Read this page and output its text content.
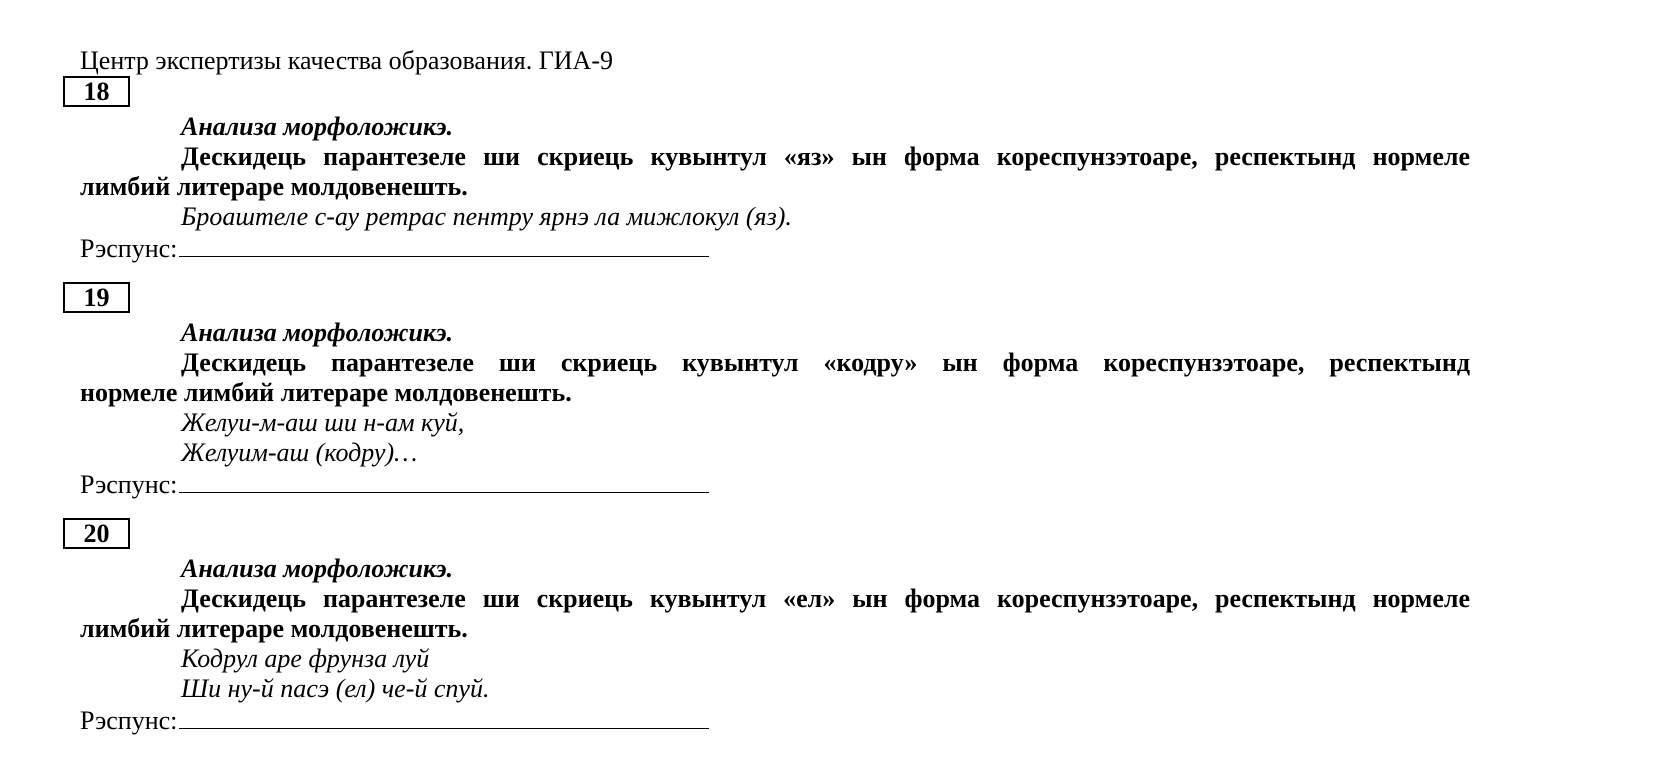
Центр экспертизы качества образования. ГИА-9
18
Анализа морфоложикэ.
Дескидець парантезеле ши скриець кувынтул «яз» ын форма кореспунзэтоаре, респектынд нормеле
лимбий литераре молдовенешть.
Броаштеле с-ау ретрас пентру ярнэ ла мижлокул (яз).
Рэспунс:
19
Анализа морфоложикэ.
Дескидець парантезеле ши скриець кувынтул «кодру» ын форма кореспунзэтоаре, респектынд
нормеле лимбий литераре молдовенешть.
Желуи-м-аш ши н-ам куй,
Желуим-аш (кодру)…
Рэспунс:
20
Анализа морфоложикэ.
Дескидець парантезеле ши скриець кувынтул «ел» ын форма кореспунзэтоаре, респектынд нормеле
лимбий литераре молдовенешть.
Кодрул аре фрунза луй
Ши ну-й пасэ (ел) че-й спуй.
Рэспунс:
